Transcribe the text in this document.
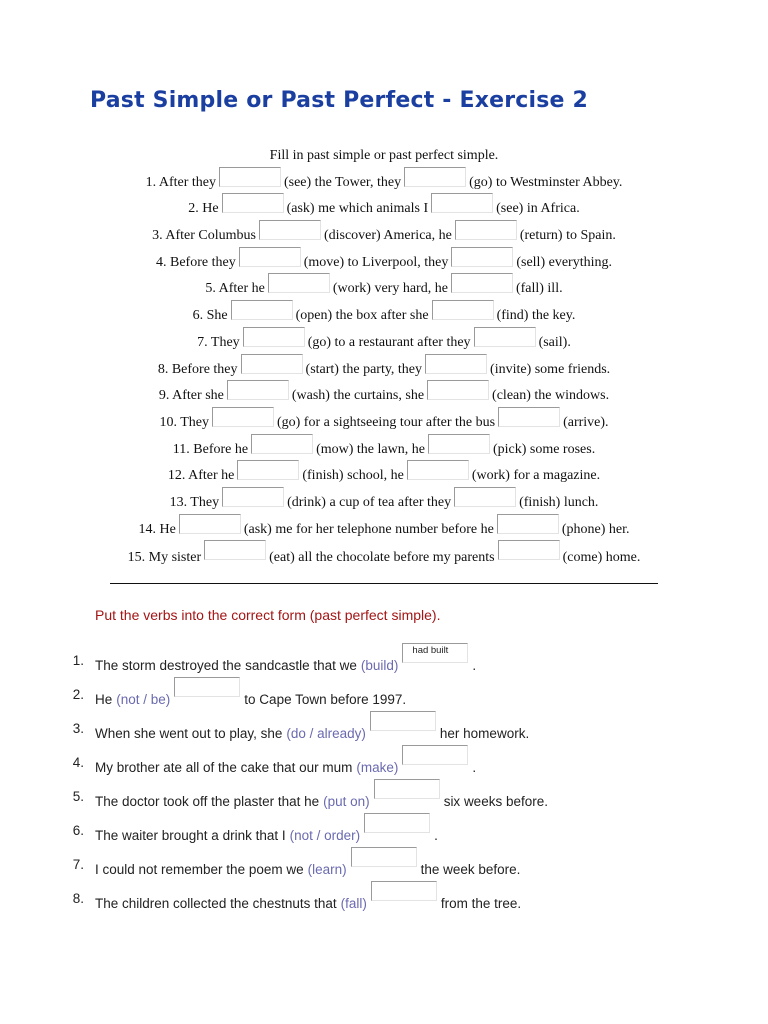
Past Simple or Past Perfect - Exercise 2
Fill in past simple or past perfect simple.
1. After they	(see) the Tower, they	(go) to Westminster Abbey.
2. He	(ask) me which animals I	(see) in Africa.
3. After Columbus	(discover) America, he	(return) to Spain.
4. Before they	(move) to Liverpool, they	(sell) everything.
5. After he	(work) very hard, he	(fall) ill.
6. She	(open) the box after she	(find) the key.
7. They	(go) to a restaurant after they	(sail).
8. Before they	(start) the party, they	(invite) some friends.
9. After she	(wash) the curtains, she	(clean) the windows.
10. They	(go) for a sightseeing tour after the bus	(arrive).
11. Before he	(mow) the lawn, he	(pick) some roses.
12. After he	(finish) school, he	(work) for a magazine.
13. They	(drink) a cup of tea after they	(finish) lunch.
14. He	(ask) me for her telephone number before he	(phone) her.
15. My sister	(eat) all the chocolate before my parents	(come) home.
Put the verbs into the correct form (past perfect simple).
1. The storm destroyed the sandcastle that we (build)
had built
.
2. He (not / be)	to Cape Town before 1997.
3. When she went out to play, she (do / already)	her homework.
4. My brother ate all of the cake that our mum (make)	.
5. The doctor took off the plaster that he (put on)	six weeks before.
6. The waiter brought a drink that I (not / order)	.
7. I could not remember the poem we (learn)	the week before.
8. The children collected the chestnuts that (fall)	from the tree.
